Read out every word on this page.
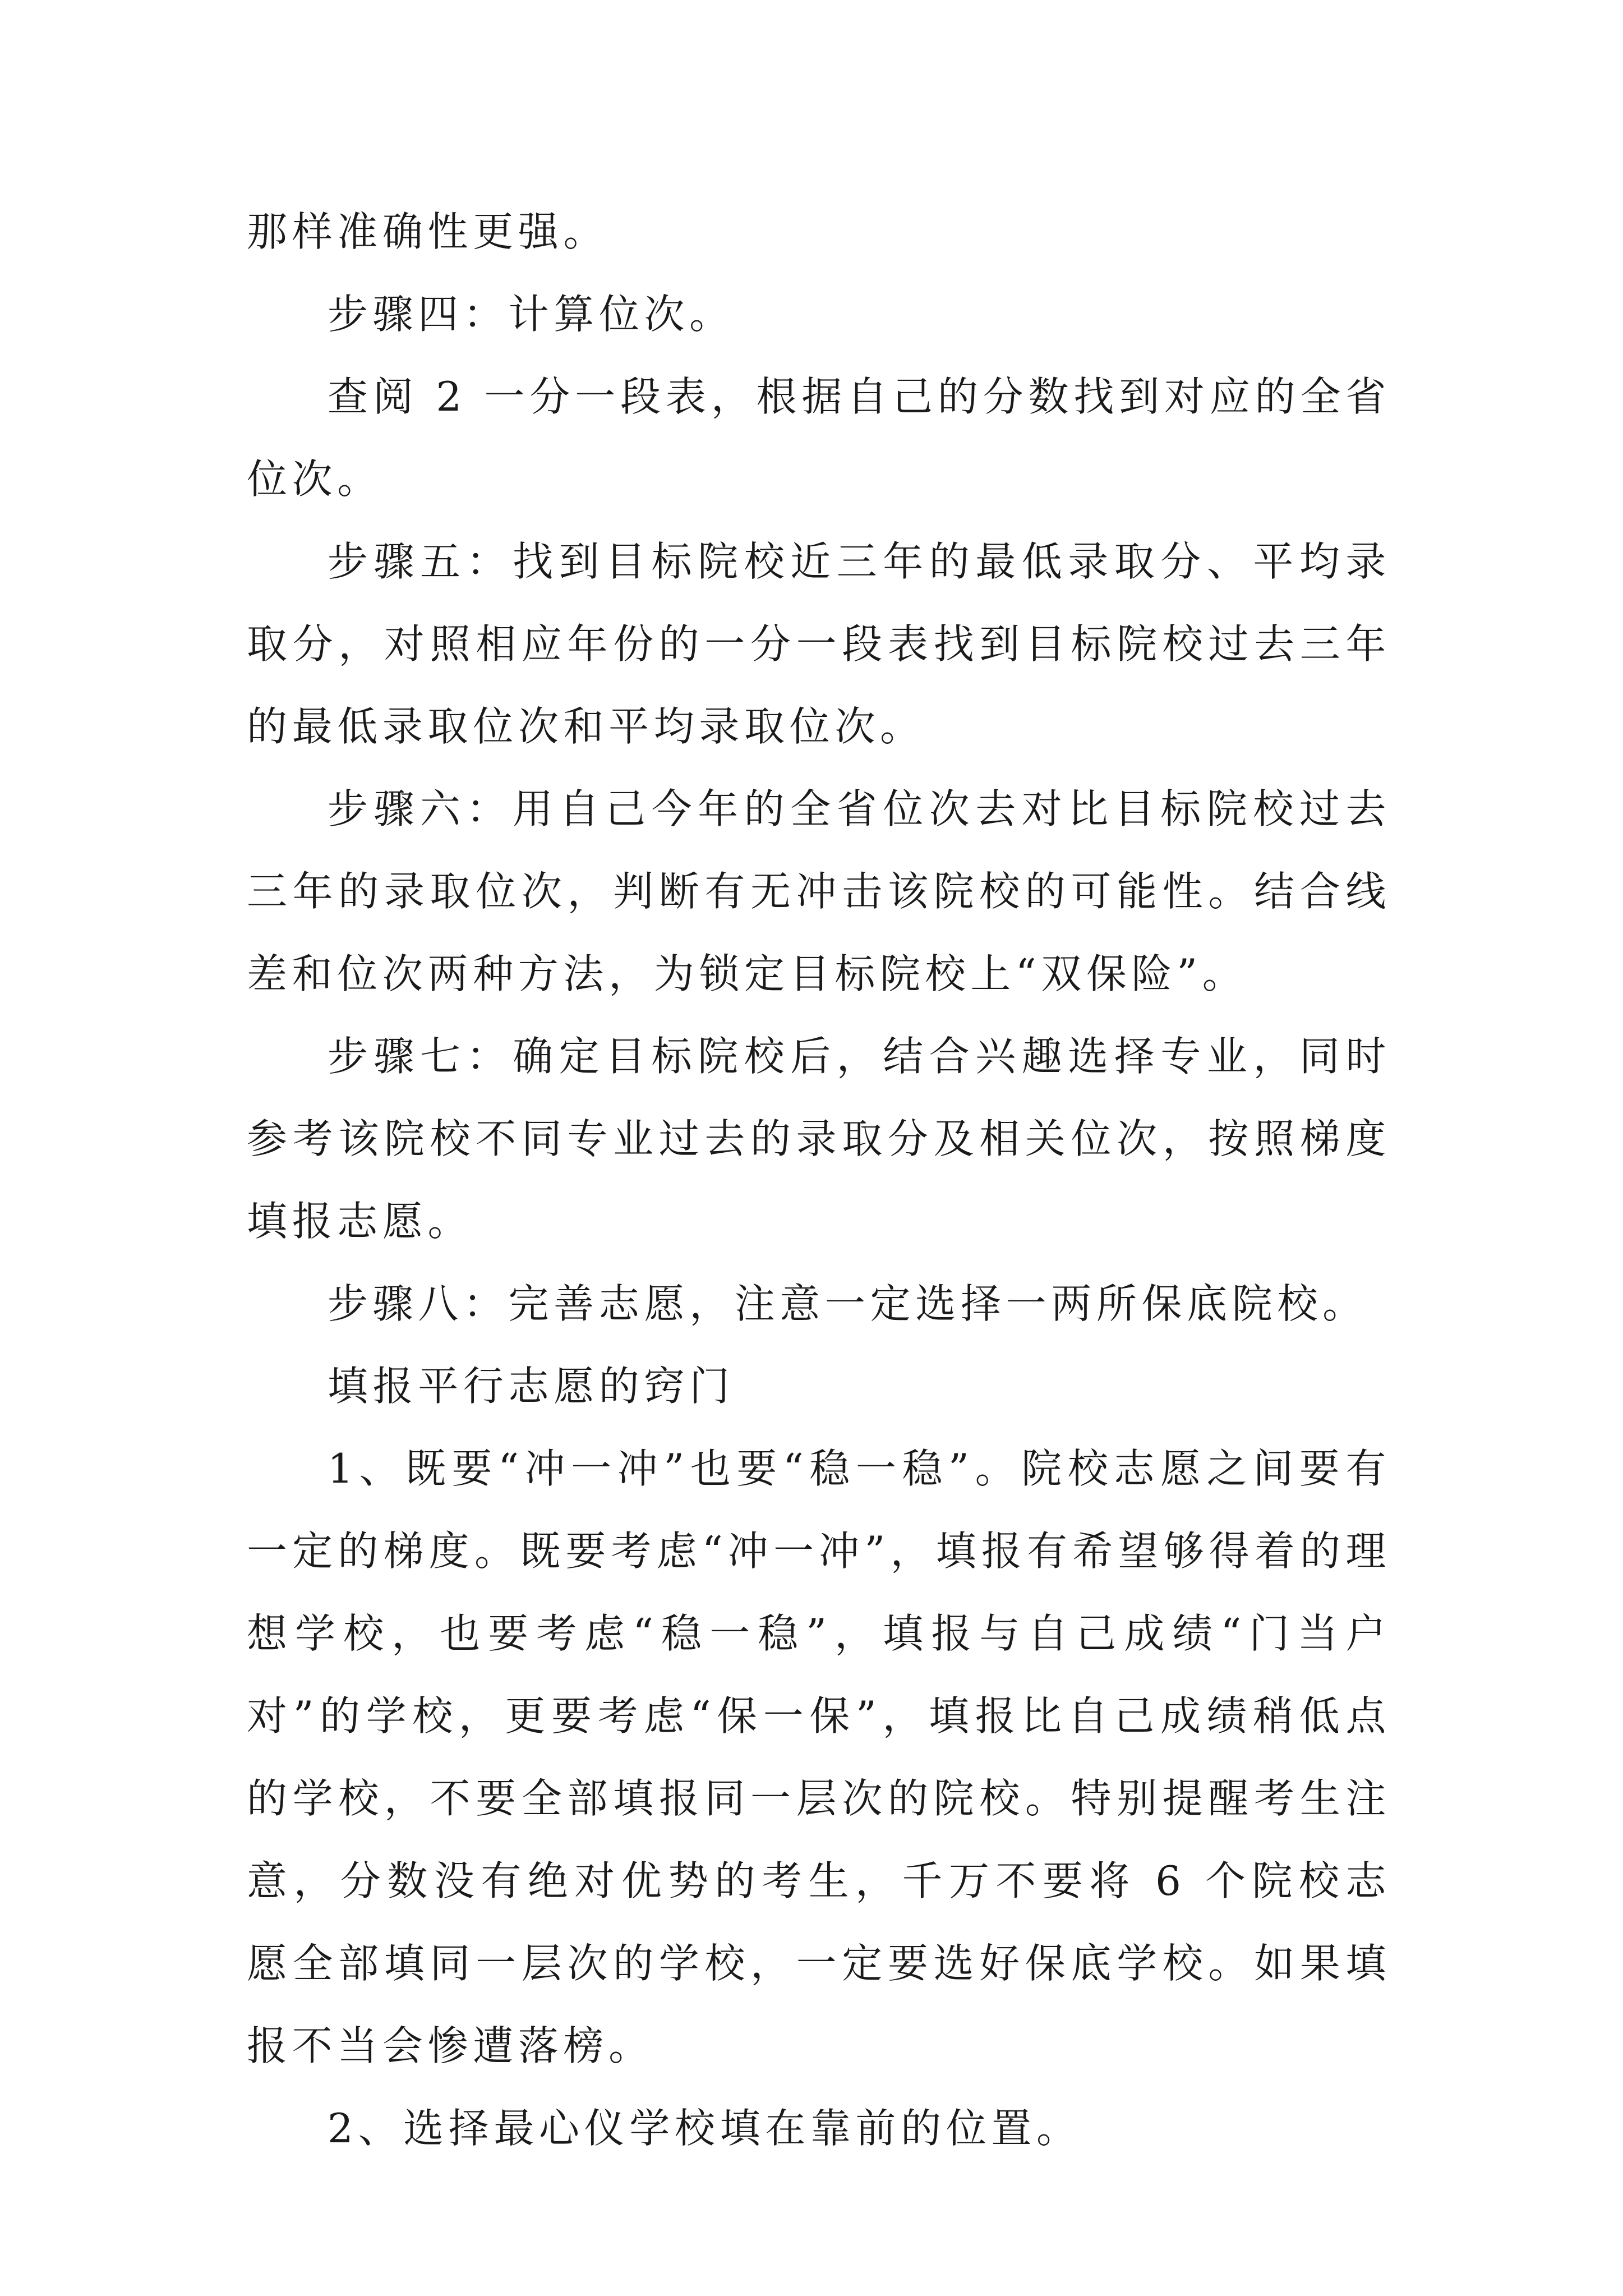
那样准确性更强。

步骤四：计算位次。

查阅 2 一分一段表，根据自己的分数找到对应的全省位次。

步骤五：找到目标院校近三年的最低录取分、平均录取分，对照相应年份的一分一段表找到目标院校过去三年的最低录取位次和平均录取位次。

步骤六：用自己今年的全省位次去对比目标院校过去三年的录取位次，判断有无冲击该院校的可能性。结合线差和位次两种方法，为锁定目标院校上“双保险”。

步骤七：确定目标院校后，结合兴趣选择专业，同时参考该院校不同专业过去的录取分及相关位次，按照梯度填报志愿。

步骤八：完善志愿，注意一定选择一两所保底院校。

填报平行志愿的窍门

1、既要“冲一冲”也要“稳一稳”。院校志愿之间要有一定的梯度。既要考虑“冲一冲”，填报有希望够得着的理想学校，也要考虑“稳一稳”，填报与自己成绩“门当户对”的学校，更要考虑“保一保”，填报比自己成绩稍低点的学校，不要全部填报同一层次的院校。特别提醒考生注意，分数没有绝对优势的考生，千万不要将 6 个院校志愿全部填同一层次的学校，一定要选好保底学校。如果填报不当会惨遭落榜。

2、选择最心仪学校填在靠前的位置。
